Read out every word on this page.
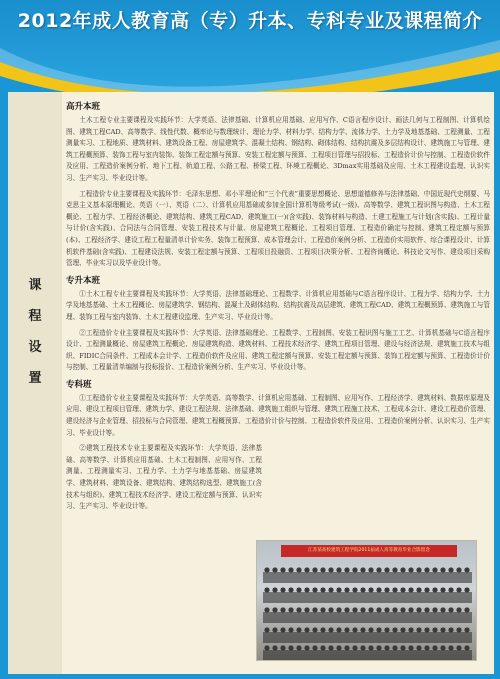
2012年成人教育高（专）升本、专科专业及课程简介
课
程
设
置
高升本班

土木工程专业主要课程及实践环节：大学英语、法律基础、计算机应用基础、应用写作、C语言程序设计、画法几何与工程制图、计算机绘图、建筑工程CAD、高等数学、线性代数、概率论与数理统计、理论力学、材料力学、结构力学、流体力学、土力学及地基基础、工程测量、工程测量实习、工程地质、建筑材料、建筑设备工程、房屋建筑学、混凝土结构、钢结构、砌体结构、结构抗震及多层结构设计、建筑施工与管理、建筑工程概预算、装饰工程与室内装饰、装饰工程定额与预算、安装工程定额与预算、工程项目管理与招投标、工程造价计价与控制、工程造价软件及应用、工程造价案例分析、地下工程、轨道工程、公路工程、桥梁工程、环境工程概论、3Dmax实用基础及应用、土木工程建设监理、认识实习、生产实习、毕业设计等。

工程造价专业主要课程及实践环节：毛泽东思想、邓小平理论和“三个代表”重要思想概论、思想道德修养与法律基础、中国近现代史纲要、马克思主义基本原理概论、英语（一）、英语（二）、计算机应用基础或参加全国计算机等级考试(一级)、高等数学、建筑工程识图与构造、土木工程概论、工程力学、工程经济概论、建筑结构、建筑工程CAD、建筑施工(一)(含实践)、装饰材料与构造、土建工程施工与计划(含实践)、工程计量与计价(含实践)、合同法与合同管理、安装工程技术与计量、房屋建筑工程概论、工程项目管理、工程造价确定与控制、建筑工程定额与预算(本)、工程经济学、建设工程工程量清单计价实务、装饰工程预算、成本管理会计、工程造价案例分析、工程造价实用软件、综合课程设计、计算机软件基础(含实践)、工程建设法规、安装工程定额与预算、工程项目投融资、工程项目决策分析、工程咨询概论、科技论文写作、建设项目采购管理、毕业实习以及毕业设计等。

专升本班

①土木工程专业主要课程及实践环节：大学英语、法律基础理论、工程数学、计算机应用基础与C语言程序设计、工程力学、结构力学、土力学及地基基础、土木工程概论、房屋建筑学、钢结构、混凝土及砌体结构、结构抗震及高层建筑、建筑工程CAD、建筑工程概预算、建筑施工与管理、装饰工程与室内装饰、土木工程建设监理、生产实习、毕业设计等。

②工程造价专业主要课程及实践环节：大学英语、法律基础理论、工程数学、工程制图、安装工程识图与施工工艺、计算机基础与C语言程序设计、工程测量概论、房屋建筑工程概论、房屋建筑构造、建筑材料、工程技术经济学、建筑工程项目管理、建设与经济法规、建筑施工技术与组织、FIDIC合同条件、工程成本会计学、工程造价软件及应用、建筑工程定额与预算、安装工程定额与预算、装饰工程定额与预算、工程造价计价与控制、工程量清单编制与投标报价、工程造价案例分析、生产实习、毕业设计等。

专科班

①工程造价专业主要课程及实践环节：大学英语、高等数学、计算机应用基础、工程制图、应用写作、工程经济学、建筑材料、数据库原理及应用、建设工程项目管理、建筑力学、建设工程法规、法律基础、建筑施工组织与管理、建筑工程施工技术、工程成本会计、建设工程造价管理、建设经济与企业管理、招投标与合同管理、建筑工程概预算、工程造价计价与控制、工程造价软件及应用、工程造价案例分析、认识实习、生产实习、毕业设计等。

②建筑工程技术专业主要课程及实践环节：大学英语、法律基础、高等数学、计算机应用基础、土木工程制图、应用写作、工程测量、工程测量实习、工程力学、土力学与地基基础、房屋建筑学、建筑材料、建筑设备、建筑结构、建筑结构选型、建筑施工(含技术与组织)、建筑工程技术经济学、建设工程定额与预算、认识实习、生产实习、毕业设计等。

江苏某高校建筑工程学院2011届成人高等教育毕业合影留念
